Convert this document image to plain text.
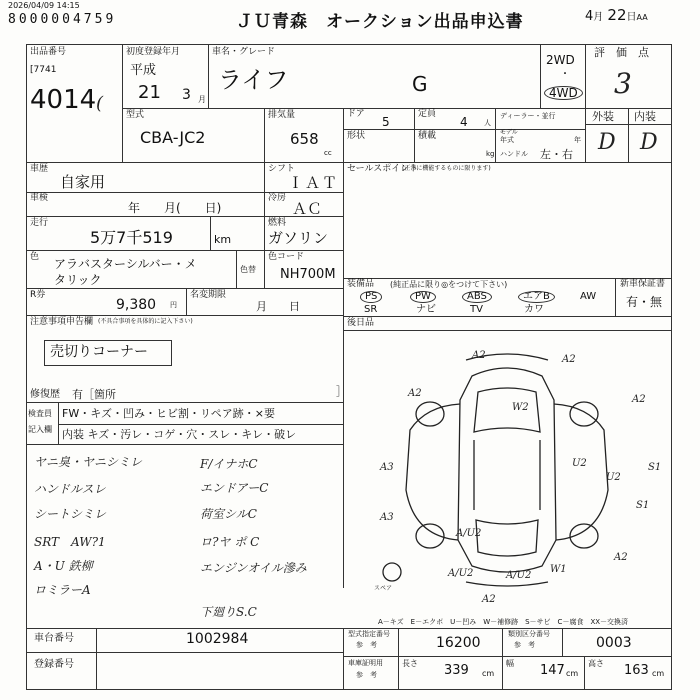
2026/04/09 14:15
8000004759	ＪＵ青森　オークション出品申込書	4月 22日AA
出品番号
[7741
4014 (
初度登録年月
平成
21 3 月
車名・グレード
ライフ	G
2WD
・
4WD
評　価　点
3
型式
CBA-JC2
排気量
658
cc
ドア
5
定員
4 人
形状	積載
kg
ディーラー・並行
モデル
年式	年
ハンドル 左・右
外装 内装
D D
車歴
自家用
シフト
ＩＡＴ
車検
年　　月(　　日)
冷房
ＡＣ
走行
5万7千519	km
燃料
ガソリン
色 アラバスターシルバー・メ
タリック
色替
色コード
NH700M
R券
9,380 円
名変期限
月　　日
注意事項申告欄 (不具合事項を具体的に記入下さい)
売切りコーナー
修復歴 有［箇所	］
検査員
記入欄
FW・キズ・凹み・ヒビ割・リペア跡・×要
内装 キズ・汚レ・コゲ・穴・スレ・キレ・破レ
ヤニ臭・ヤニシミレ
ハンドルスレ
シートシミレ
SRT　AW?1
A・U 鉄柳
ロミラーA
F/イナホC
エンドアーC
荷室シルC
ロ?ヤ ポ C
エンジンオイル滲み
下廻りS.C
セールスポイント
(正常に機能するものに限ります)
装備品 (純正品に限り◎をつけて下さい)	新車保証書
有・無
PS	PW	ABS	エアB	AW
SR	ナビ	TV	カワ
後日品
A2	A2
A2
A2
W2
U2
U2
A3
A3
S1
S1
A/U2
A/U2	A/U2
A2
A2
W1
スペア
A－キズ　E－エクボ　U－凹み　W－補修跡　S－サビ　C－腐食　XX－交換済
車台番号	1002984
登録番号
型式指定番号
参　考	16200
類別区分番号
参　考	0003
車庫証明用
参　考
長さ 339 cm
幅 147 cm
高さ 163 cm
